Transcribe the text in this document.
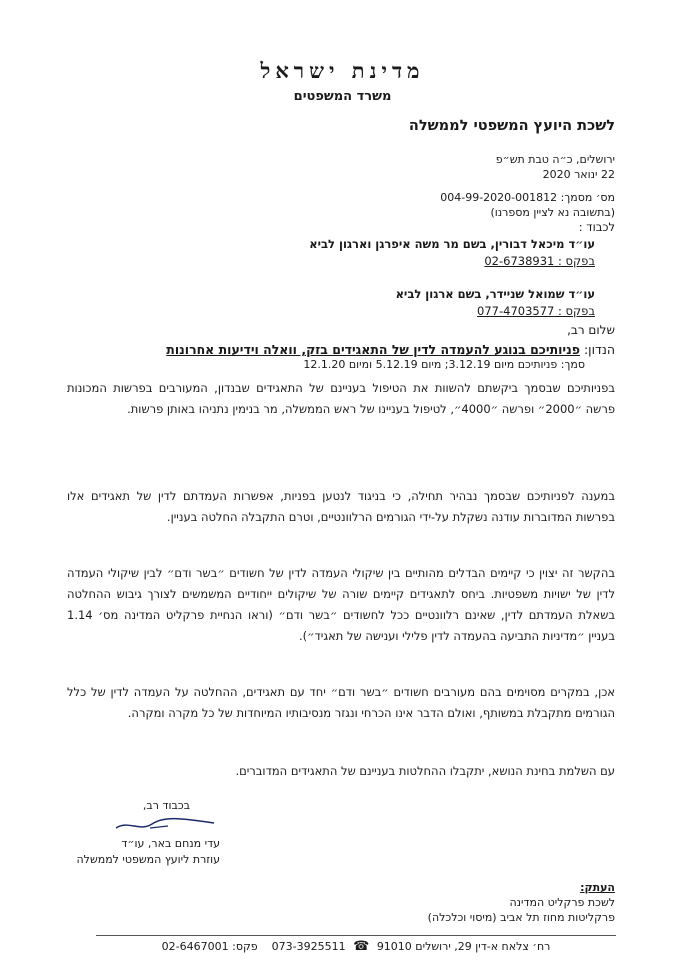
מדינת ישראל
משרד המשפטים
לשכת היועץ המשפטי לממשלה
ירושלים, כ״ה טבת תש״פ
22 ינואר 2020
מס׳ מסמך: 004-99-2020-001812
(בתשובה נא לציין מספרנו)
לכבוד :
עו״ד מיכאל דבורין, בשם מר משה איפרגן וארגון לביא
בפקס : 02-6738931
עו״ד שמואל שניידר, בשם ארגון לביא
בפקס : 077-4703577
שלום רב,
הנדון:פניותיכם בנוגע להעמדה לדין של התאגידים בזק, וואלה וידיעות אחרונות
סמך: פניותיכם מיום 3.12.19; מיום 5.12.19 ומיום 12.1.20
בפניותיכם שבסמך ביקשתם להשוות את הטיפול בעניינם של התאגידים שבנדון, המעורבים בפרשות המכונות פרשה ״2000״ ופרשה ״4000״, לטיפול בעניינו של ראש הממשלה, מר בנימין נתניהו באותן פרשות.
במענה לפניותיכם שבסמך נבהיר תחילה, כי בניגוד לנטען בפניות, אפשרות העמדתם לדין של תאגידים אלו בפרשות המדוברות עודנה נשקלת על-ידי הגורמים הרלוונטיים, וטרם התקבלה החלטה בעניין.
בהקשר זה יצוין כי קיימים הבדלים מהותיים בין שיקולי העמדה לדין של חשודים ״בשר ודם״ לבין שיקולי העמדה לדין של ישויות משפטיות. ביחס לתאגידים קיימים שורה של שיקולים ייחודיים המשמשים לצורך גיבוש ההחלטה בשאלת העמדתם לדין, שאינם רלוונטיים ככל לחשודים ״בשר ודם״ (וראו הנחיית פרקליט המדינה מס׳ 1.14 בעניין ״מדיניות התביעה בהעמדה לדין פלילי וענישה של תאגיד״).
אכן, במקרים מסוימים בהם מעורבים חשודים ״בשר ודם״ יחד עם תאגידים, ההחלטה על העמדה לדין של כלל הגורמים מתקבלת במשותף, ואולם הדבר אינו הכרחי ונגזר מנסיבותיו המיוחדות של כל מקרה ומקרה.
עם השלמת בחינת הנושא, יתקבלו ההחלטות בעניינם של התאגידים המדוברים.
בכבוד רב,
עדי מנחם באר, עו״ד
עוזרת ליועץ המשפטי לממשלה
העתק:
לשכת פרקליט המדינה
פרקליטות מחוז תל אביב (מיסוי וכלכלה)
רח׳ צלאח א-דין 29, ירושלים 91010 ☎ 073-3925511    פקס: 02-6467001
